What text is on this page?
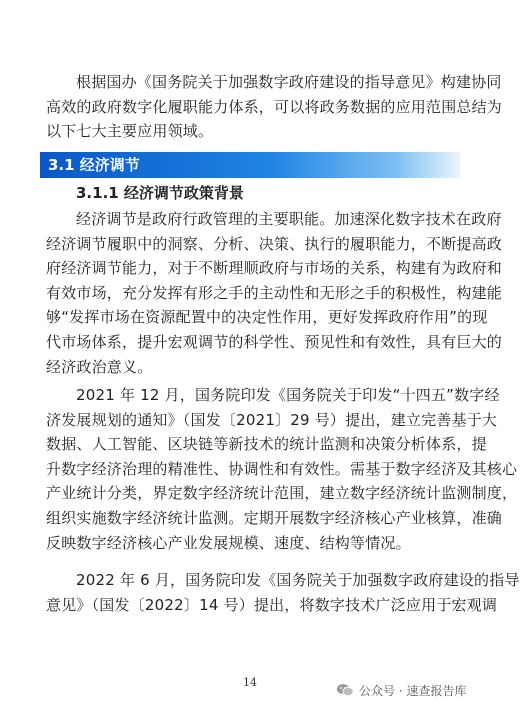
根据国办《国务院关于加强数字政府建设的指导意见》构建协同
高效的政府数字化履职能力体系，可以将政务数据的应用范围总结为
以下七大主要应用领域。

3.1 经济调节
3.1.1 经济调节政策背景

经济调节是政府行政管理的主要职能。加速深化数字技术在政府
经济调节履职中的洞察、分析、决策、执行的履职能力，不断提高政
府经济调节能力，对于不断理顺政府与市场的关系，构建有为政府和
有效市场，充分发挥有形之手的主动性和无形之手的积极性，构建能
够“发挥市场在资源配置中的决定性作用，更好发挥政府作用”的现
代市场体系，提升宏观调节的科学性、预见性和有效性，具有巨大的
经济政治意义。

2021 年 12 月，国务院印发《国务院关于印发“十四五”数字经
济发展规划的通知》（国发〔2021〕29 号）提出，建立完善基于大
数据、人工智能、区块链等新技术的统计监测和决策分析体系，提
升数字经济治理的精准性、协调性和有效性。需基于数字经济及其核心
产业统计分类，界定数字经济统计范围，建立数字经济统计监测制度，
组织实施数字经济统计监测。定期开展数字经济核心产业核算，准确
反映数字经济核心产业发展规模、速度、结构等情况。

2022 年 6 月，国务院印发《国务院关于加强数字政府建设的指导
意见》（国发〔2022〕14 号）提出，将数字技术广泛应用于宏观调

14
公众号 · 速查报告库
